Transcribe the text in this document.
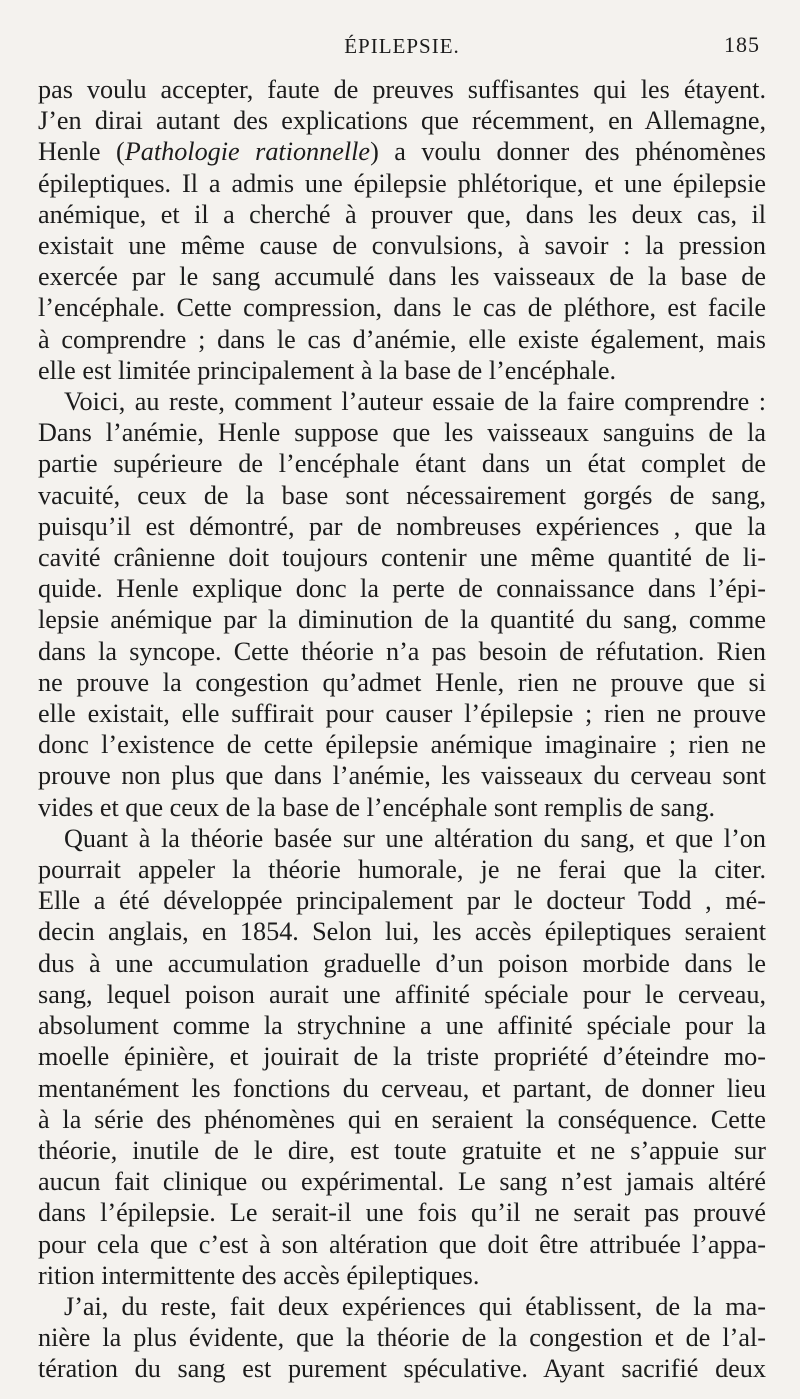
ÉPILEPSIE.	185
pas voulu accepter, faute de preuves suffisantes qui les étayent.
J’en dirai autant des explications que récemment, en Allemagne,
Henle (Pathologie rationnelle) a voulu donner des phénomènes
épileptiques. Il a admis une épilepsie phlétorique, et une épilepsie
anémique, et il a cherché à prouver que, dans les deux cas, il
existait une même cause de convulsions, à savoir : la pression
exercée par le sang accumulé dans les vaisseaux de la base de
l’encéphale. Cette compression, dans le cas de pléthore, est facile
à comprendre ; dans le cas d’anémie, elle existe également, mais
elle est limitée principalement à la base de l’encéphale.
Voici, au reste, comment l’auteur essaie de la faire comprendre :
Dans l’anémie, Henle suppose que les vaisseaux sanguins de la
partie supérieure de l’encéphale étant dans un état complet de
vacuité, ceux de la base sont nécessairement gorgés de sang,
puisqu’il est démontré, par de nombreuses expériences , que la
cavité crânienne doit toujours contenir une même quantité de li-
quide. Henle explique donc la perte de connaissance dans l’épi-
lepsie anémique par la diminution de la quantité du sang, comme
dans la syncope. Cette théorie n’a pas besoin de réfutation. Rien
ne prouve la congestion qu’admet Henle, rien ne prouve que si
elle existait, elle suffirait pour causer l’épilepsie ; rien ne prouve
donc l’existence de cette épilepsie anémique imaginaire ; rien ne
prouve non plus que dans l’anémie, les vaisseaux du cerveau sont
vides et que ceux de la base de l’encéphale sont remplis de sang.
Quant à la théorie basée sur une altération du sang, et que l’on
pourrait appeler la théorie humorale, je ne ferai que la citer.
Elle a été développée principalement par le docteur Todd , mé-
decin anglais, en 1854. Selon lui, les accès épileptiques seraient
dus à une accumulation graduelle d’un poison morbide dans le
sang, lequel poison aurait une affinité spéciale pour le cerveau,
absolument comme la strychnine a une affinité spéciale pour la
moelle épinière, et jouirait de la triste propriété d’éteindre mo-
mentanément les fonctions du cerveau, et partant, de donner lieu
à la série des phénomènes qui en seraient la conséquence. Cette
théorie, inutile de le dire, est toute gratuite et ne s’appuie sur
aucun fait clinique ou expérimental. Le sang n’est jamais altéré
dans l’épilepsie. Le serait-il une fois qu’il ne serait pas prouvé
pour cela que c’est à son altération que doit être attribuée l’appa-
rition intermittente des accès épileptiques.
J’ai, du reste, fait deux expériences qui établissent, de la ma-
nière la plus évidente, que la théorie de la congestion et de l’al-
tération du sang est purement spéculative. Ayant sacrifié deux
